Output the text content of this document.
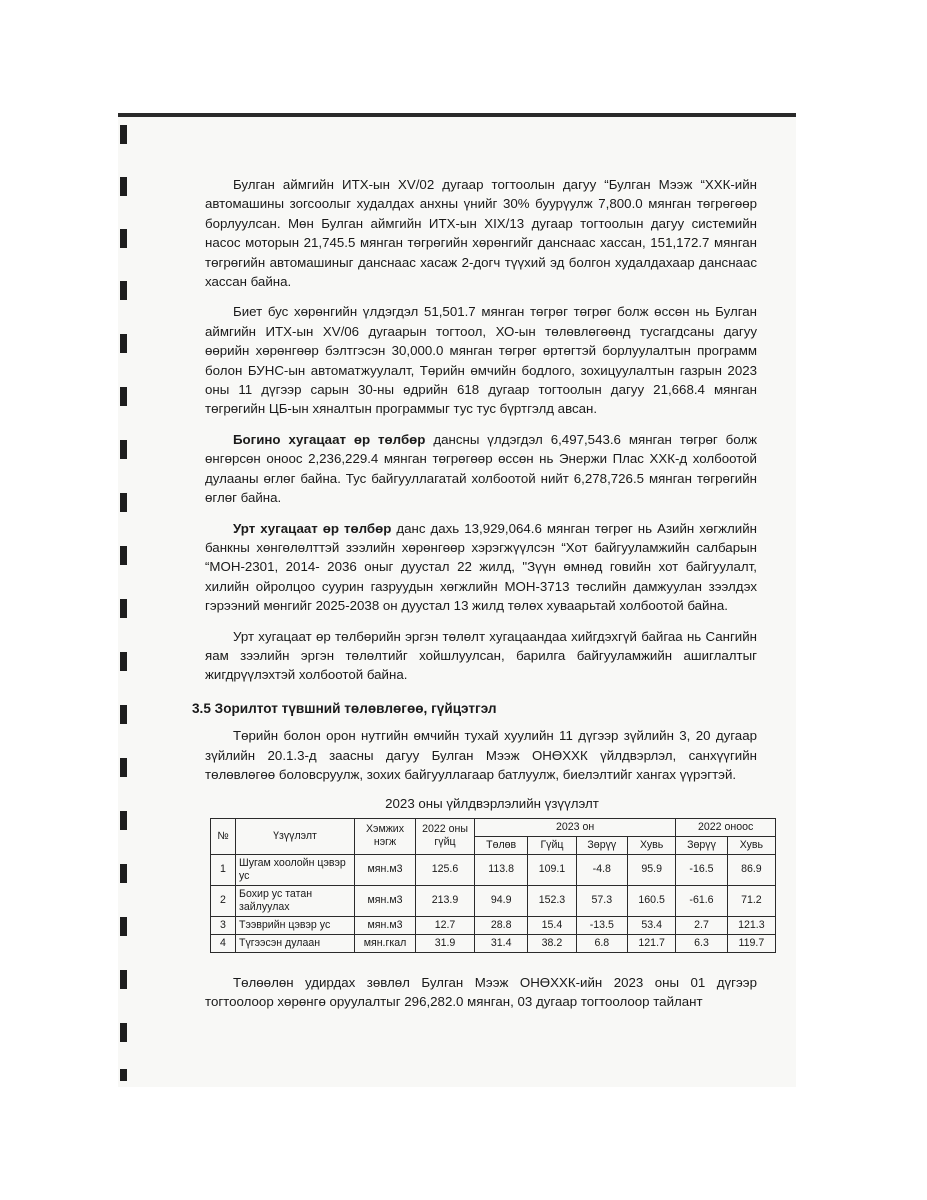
Булган аймгийн ИТХ-ын XV/02 дугаар тогтоолын дагуу “Булган Мээж “ХХК-ийн автомашины зогсоолыг худалдах анхны үнийг 30% буурүулж 7,800.0 мянган төгрөгөөр борлуулсан. Мөн Булган аймгийн ИТХ-ын XIX/13 дугаар тогтоолын дагуу системийн насос моторын 21,745.5 мянган төгрөгийн хөрөнгийг данснаас хассан, 151,172.7 мянган төгрөгийн автомашиныг данснаас хасаж 2-догч түүхий эд болгон худалдахаар данснаас хассан байна.

Биет бус хөрөнгийн үлдэгдэл 51,501.7 мянган төгрөг төгрөг болж өссөн нь Булган аймгийн ИТХ-ын XV/06 дугаарын тогтоол, ХО-ын төлөвлөгөөнд тусгагдсаны дагуу өөрийн хөрөнгөөр бэлтгэсэн 30,000.0 мянган төгрөг өртөгтэй борлуулалтын программ болон БУНС-ын автоматжуулалт, Төрийн өмчийн бодлого, зохицуулалтын газрын 2023 оны 11 дүгээр сарын 30-ны өдрийн 618 дугаар тогтоолын дагуу 21,668.4 мянган төгрөгийн ЦБ-ын хяналтын программыг тус тус бүртгэлд авсан.

Богино хугацаат өр төлбөр дансны үлдэгдэл 6,497,543.6 мянган төгрөг болж өнгөрсөн оноос 2,236,229.4 мянган төгрөгөөр өссөн нь Энержи Плас ХХК-д холбоотой дулааны өглөг байна. Тус байгууллагатай холбоотой нийт 6,278,726.5 мянган төгрөгийн өглөг байна.

Урт хугацаат өр төлбөр данс дахь 13,929,064.6 мянган төгрөг нь Азийн хөгжлийн банкны хөнгөлөлттэй зээлийн хөрөнгөөр хэрэгжүүлсэн “Хот байгууламжийн салбарын “МОН-2301, 2014- 2036 оныг дуустал 22 жилд, "Зүүн өмнөд говийн хот байгуулалт, хилийн ойролцоо суурин газруудын хөгжлийн МОН-3713 төслийн дамжуулан зээлдэх гэрээний мөнгийг 2025-2038 он дуустал 13 жилд төлөх хуваарьтай холбоотой байна.

Урт хугацаат өр төлбөрийн эргэн төлөлт хугацаандаа хийгдэхгүй байгаа нь Сангийн яам зээлийн эргэн төлөлтийг хойшлуулсан, барилга байгууламжийн ашиглалтыг жигдрүүлэхтэй холбоотой байна.

3.5 Зорилтот түвшний төлөвлөгөө, гүйцэтгэл

Төрийн болон орон нутгийн өмчийн тухай хуулийн 11 дүгээр зүйлийн 3, 20 дугаар зүйлийн 20.1.3-д заасны дагуу Булган Мээж ОНӨХХК үйлдвэрлэл, санхүүгийн төлөвлөгөө боловсруулж, зохих байгууллагаар батлуулж, биелэлтийг хангах үүрэгтэй.

2023 оны үйлдвэрлэлийн үзүүлэлт
№	Үзүүлэлт	Хэмжих нэгж	2022 оны гүйц	2023 он				2022 оноос	
				Төлөв	Гүйц	Зөрүү	Хувь	Зөрүү	Хувь
1	Шугам хоолойн цэвэр ус	мян.м3	125.6	113.8	109.1	-4.8	95.9	-16.5	86.9
2	Бохир ус татан зайлуулах	мян.м3	213.9	94.9	152.3	57.3	160.5	-61.6	71.2
3	Тээврийн цэвэр ус	мян.м3	12.7	28.8	15.4	-13.5	53.4	2.7	121.3
4	Түгээсэн дулаан	мян.гкал	31.9	31.4	38.2	6.8	121.7	6.3	119.7

Төлөөлөн удирдах зөвлөл Булган Мээж ОНӨХХК-ийн 2023 оны 01 дүгээр тогтоолоор хөрөнгө оруулалтыг 296,282.0 мянган, 03 дугаар тогтоолоор тайлант
